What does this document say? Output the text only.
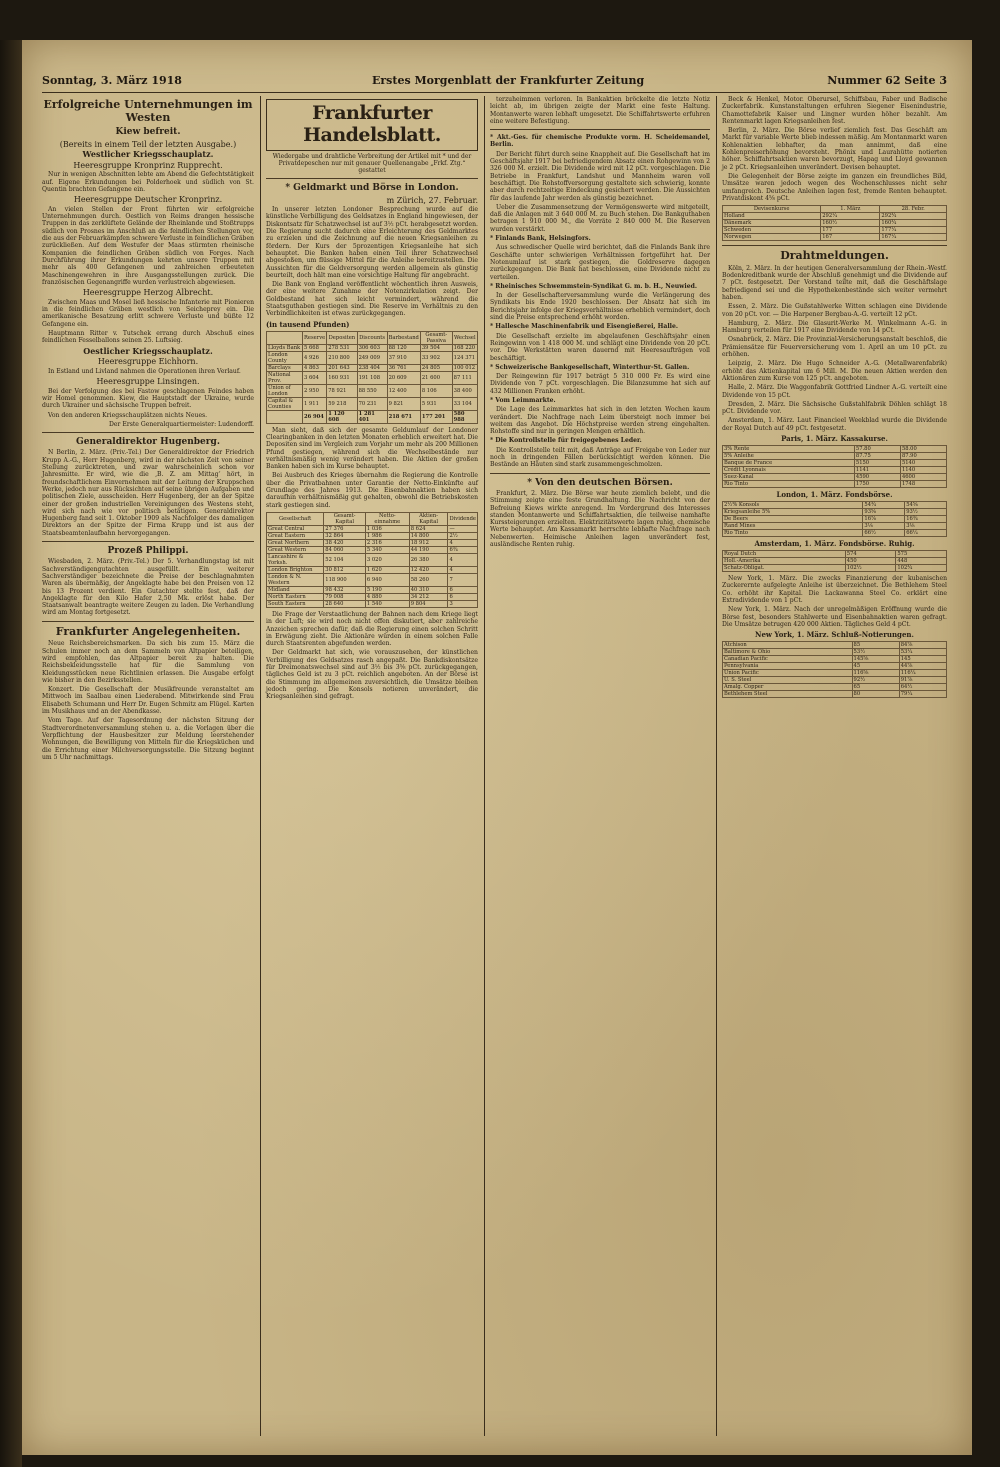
Sonntag, 3. März 1918	Erstes Morgenblatt der Frankfurter Zeitung	Nummer 62 Seite 3
Erfolgreiche Unternehmungen im Westen
Kiew befreit.
(Bereits in einem Teil der letzten Ausgabe.)
Westlicher Kriegsschauplatz.
Heeresgruppe Kronprinz Rupprecht.

Nur in wenigen Abschnitten lebte am Abend die Gefechtstätigkeit auf. Eigene Erkundungen bei Polderhoek und südlich von St. Quentin brachten Gefangene ein.

Heeresgruppe Deutscher Kronprinz.

An vielen Stellen der Front führten wir erfolgreiche Unternehmungen durch. Oestlich von Reims drangen hessische Truppen in das zerklüftete Gelände der Rheinlande und Stoßtrupps südlich von Prosnes im Anschluß an die feindlichen Stellungen vor, die aus der Februarkämpfen schwere Verluste in feindlichen Gräben zurückließen. Auf dem Westufer der Maas stürmten rheinische Kompanien die feindlichen Gräben südlich von Forges. Nach Durchführung ihrer Erkundungen kehrten unsere Truppen mit mehr als 400 Gefangenen und zahlreichen erbeuteten Maschinengewehren in ihre Ausgangsstellungen zurück. Die französischen Gegenangriffe wurden verlustreich abgewiesen.

Heeresgruppe Herzog Albrecht.

Zwischen Maas und Mosel ließ hessische Infanterie mit Pionieren in die feindlichen Gräben westlich von Seicheprey ein. Die amerikanische Besatzung erlitt schwere Verluste und büßte 12 Gefangene ein.

Hauptmann Ritter v. Tutschek errang durch Abschuß eines feindlichen Fesselballons seinen 25. Luftsieg.

Oestlicher Kriegsschauplatz.
Heeresgruppe Eichhorn.

In Estland und Livland nahmen die Operationen ihren Verlauf.

Heeresgruppe Linsingen.

Bei der Verfolgung des bei Fastow geschlagenen Feindes haben wir Homel genommen. Kiew, die Hauptstadt der Ukraine, wurde durch Ukrainer und sächsische Truppen befreit.

Von den anderen Kriegsschauplätzen nichts Neues.

Der Erste Generalquartiermeister: Ludendorff.

Generaldirektor Hugenberg.

N Berlin, 2. März. (Priv.-Tel.) Der Generaldirektor der Friedrich Krupp A.-G., Herr Hugenberg, wird in der nächsten Zeit von seiner Stellung zurücktreten, und zwar wahrscheinlich schon vor Jahresmitte. Er wird, wie die ‚B. Z. am Mittag‘ hört, in freundschaftlichem Einvernehmen mit der Leitung der Kruppschen Werke, jedoch nur aus Rücksichten auf seine übrigen Aufgaben und politischen Ziele, ausscheiden. Herr Hugenberg, der an der Spitze einer der großen industriellen Vereinigungen des Westens steht, wird sich nach wie vor politisch betätigen. Generaldirektor Hugenberg fand seit 1. Oktober 1909 als Nachfolger des damaligen Direktors an der Spitze der Firma Krupp und ist aus der Staatsbeamtenlaufbahn hervorgegangen.

Prozeß Philippi.

Wiesbaden, 2. März. (Priv.-Tel.) Der 5. Verhandlungstag ist mit Sachverständigengutachten ausgefüllt. Ein weiterer Sachverständiger bezeichnete die Preise der beschlagnahmten Waren als übermäßig, der Angeklagte habe bei den Preisen von 12 bis 13 Prozent verdient. Ein Gutachter stellte fest, daß der Angeklagte für den Kilo Hafer 2,50 Mk. erlöst habe. Der Staatsanwalt beantragte weitere Zeugen zu laden. Die Verhandlung wird am Montag fortgesetzt.

Frankfurter Angelegenheiten.

Neue Reichsbereichsmarken. Da sich bis zum 15. März die Schulen immer noch an dem Sammeln von Altpapier beteiligen, wird empfohlen, das Altpapier bereit zu halten. Die Reichsbekleidungsstelle hat für die Sammlung von Kleidungsstücken neue Richtlinien erlassen. Die Ausgabe erfolgt wie bisher in den Bezirksstellen.

Konzert. Die Gesellschaft der Musikfreunde veranstaltet am Mittwoch im Saalbau einen Liederabend. Mitwirkende sind Frau Elisabeth Schumann und Herr Dr. Eugen Schmitz am Flügel. Karten im Musikhaus und an der Abendkasse.

Vom Tage. Auf der Tagesordnung der nächsten Sitzung der Stadtverordnetenversammlung stehen u. a. die Vorlagen über die Verpflichtung der Hausbesitzer zur Meldung leerstehender Wohnungen, die Bewilligung von Mitteln für die Kriegsküchen und die Errichtung einer Milchversorgungsstelle. Die Sitzung beginnt um 5 Uhr nachmittags.

Frankfurter Handelsblatt.
Wiedergabe und drahtliche Verbreitung der Artikel mit * und der Privatdepeschen nur mit genauer Quellenangabe „Frkf. Ztg.“ gestattet
* Geldmarkt und Börse in London.
m Zürich, 27. Februar.

In unserer letzten Londoner Besprechung wurde auf die künstliche Verbilligung des Geldsatzes in England hingewiesen, der Diskontsatz für Schatzwechsel ist auf 3½ pCt. herabgesetzt worden. Die Regierung sucht dadurch eine Erleichterung des Geldmarktes zu erzielen und die Zeichnung auf die neuen Kriegsanleihen zu fördern. Der Kurs der 5prozentigen Kriegsanleihe hat sich behauptet. Die Banken haben einen Teil ihrer Schatzwechsel abgestoßen, um flüssige Mittel für die Anleihe bereitzustellen. Die Aussichten für die Geldversorgung werden allgemein als günstig beurteilt, doch hält man eine vorsichtige Haltung für angebracht.

Die Bank von England veröffentlicht wöchentlich ihren Ausweis, der eine weitere Zunahme der Notenzirkulation zeigt. Der Goldbestand hat sich leicht vermindert, während die Staatsguthaben gestiegen sind. Die Reserve im Verhältnis zu den Verbindlichkeiten ist etwas zurückgegangen.

(in tausend Pfunden)
	Reserve	Depositen	Discounts	Barbestand	Gesamt-Passiva	Wechsel
Lloyds Bank	5 668	278 531	306 603	88 120	39 504	168 220
London County	4 926	210 800	249 009	37 910	33 902	124 371
Barclays	4 863	201 643	238 404	36 761	24 805	100 012
National Prov.	3 604	160 931	191 108	20 609	21 600	87 111
Union of London	2 950	78 921	88 550	12 400	8 106	38 400
Capital & Counties	1 911	59 218	70 231	9 821	5 931	33 104
	26 904	1 120 608	1 281 401	218 671	177 201	580 988

Man sieht, daß sich der gesamte Geldumlauf der Londoner Clearingbanken in den letzten Monaten erheblich erweitert hat. Die Depositen sind im Vergleich zum Vorjahr um mehr als 200 Millionen Pfund gestiegen, während sich die Wechselbestände nur verhältnismäßig wenig verändert haben. Die Aktien der großen Banken haben sich im Kurse behauptet.

Bei Ausbruch des Krieges übernahm die Regierung die Kontrolle über die Privatbahnen unter Garantie der Netto-Einkünfte auf Grundlage des Jahres 1913. Die Eisenbahnaktien haben sich daraufhin verhältnismäßig gut gehalten, obwohl die Betriebskosten stark gestiegen sind.

Gesellschaft	Gesamt-Kapital	Netto-einnahme	Aktien-Kapital	Dividende
Great Central	27 376	1 036	8 624	—
Great Eastern	32 864	1 986	14 800	2½
Great Northern	38 420	2 316	18 912	4
Great Western	84 060	5 340	44 190	6¾
Lancashire & Yorksh.	52 104	3 020	26 380	4
London Brighton	30 812	1 620	12 420	4
London & N. Western	118 900	6 940	58 260	7
Midland	98 432	5 190	40 310	6
North Eastern	79 008	4 880	34 212	6
South Eastern	28 640	1 540	9 804	3

Die Frage der Verstaatlichung der Bahnen nach dem Kriege liegt in der Luft; sie wird noch nicht offen diskutiert, aber zahlreiche Anzeichen sprechen dafür, daß die Regierung einen solchen Schritt in Erwägung zieht. Die Aktionäre würden in einem solchen Falle durch Staatsrenten abgefunden werden.

Der Geldmarkt hat sich, wie vorauszusehen, der künstlichen Verbilligung des Geldsatzes rasch angepaßt. Die Bankdiskontsätze für Dreimonatswechsel sind auf 3½ bis 3⅝ pCt. zurückgegangen, tägliches Geld ist zu 3 pCt. reichlich angeboten. An der Börse ist die Stimmung im allgemeinen zuversichtlich, die Umsätze bleiben jedoch gering. Die Konsols notieren unverändert, die Kriegsanleihen sind gefragt.

terzuheimmen verloren. In Bankaktien bröckelte die letzte Notiz leicht ab, im übrigen zeigte der Markt eine feste Haltung. Montanwerte waren lebhaft umgesetzt. Die Schiffahrtswerte erfuhren eine weitere Befestigung.

* Akt.-Ges. für chemische Produkte vorm. H. Scheidemandel, Berlin.

Der Bericht führt durch seine Knappheit auf. Die Gesellschaft hat im Geschäftsjahr 1917 bei befriedigendem Absatz einen Rohgewinn von 2 326 000 M. erzielt. Die Dividende wird mit 12 pCt. vorgeschlagen. Die Betriebe in Frankfurt, Landshut und Mannheim waren voll beschäftigt. Die Rohstoffversorgung gestaltete sich schwierig, konnte aber durch rechtzeitige Eindeckung gesichert werden. Die Aussichten für das laufende Jahr werden als günstig bezeichnet.

Ueber die Zusammensetzung der Vermögenswerte wird mitgeteilt, daß die Anlagen mit 3 640 000 M. zu Buch stehen. Die Bankguthaben betragen 1 910 000 M., die Vorräte 2 840 000 M. Die Reserven wurden verstärkt.

* Finlands Bank, Helsingfors.

Aus schwedischer Quelle wird berichtet, daß die Finlands Bank ihre Geschäfte unter schwierigen Verhältnissen fortgeführt hat. Der Notenumlauf ist stark gestiegen, die Goldreserve dagegen zurückgegangen. Die Bank hat beschlossen, eine Dividende nicht zu verteilen.

* Rheinisches Schwemmstein-Syndikat G. m. b. H., Neuwied.

In der Gesellschafterversammlung wurde die Verlängerung des Syndikats bis Ende 1920 beschlossen. Der Absatz hat sich im Berichtsjahr infolge der Kriegsverhältnisse erheblich vermindert, doch sind die Preise entsprechend erhöht worden.

* Hallesche Maschinenfabrik und Eisengießerei, Halle.

Die Gesellschaft erzielte im abgelaufenen Geschäftsjahr einen Reingewinn von 1 418 000 M. und schlägt eine Dividende von 20 pCt. vor. Die Werkstätten waren dauernd mit Heeresaufträgen voll beschäftigt.

* Schweizerische Bankgesellschaft, Winterthur-St. Gallen.

Der Reingewinn für 1917 beträgt 5 310 000 Fr. Es wird eine Dividende von 7 pCt. vorgeschlagen. Die Bilanzsumme hat sich auf 432 Millionen Franken erhöht.

* Vom Leimmarkte.

Die Lage des Leimmarktes hat sich in den letzten Wochen kaum verändert. Die Nachfrage nach Leim übersteigt noch immer bei weitem das Angebot. Die Höchstpreise werden streng eingehalten. Rohstoffe sind nur in geringen Mengen erhältlich.

* Die Kontrollstelle für freigegebenes Leder.

Die Kontrollstelle teilt mit, daß Anträge auf Freigabe von Leder nur noch in dringenden Fällen berücksichtigt werden können. Die Bestände an Häuten sind stark zusammengeschmolzen.

* Von den deutschen Börsen.

Frankfurt, 2. März. Die Börse war heute ziemlich belebt, und die Stimmung zeigte eine feste Grundhaltung. Die Nachricht von der Befreiung Kiews wirkte anregend. Im Vordergrund des Interesses standen Montanwerte und Schiffahrtsaktien, die teilweise namhafte Kurssteigerungen erzielten. Elektrizitätswerte lagen ruhig, chemische Werte behauptet. Am Kassamarkt herrschte lebhafte Nachfrage nach Nebenwerten. Heimische Anleihen lagen unverändert fest, ausländische Renten ruhig.

Beck & Henkel, Motor. Oberursel, Schiffsbau, Faber und Badische Zuckerfabrik. Kunstanstaltungen erfuhren Siegener Eisenindustrie, Chamottefabrik Kaiser und Lingner wurden höher bezahlt. Am Rentenmarkt lagen Kriegsanleihen fest.

Berlin, 2. März. Die Börse verlief ziemlich fest. Das Geschäft am Markt für variable Werte blieb indessen mäßig. Am Montanmarkt waren Kohlenaktien lebhafter, da man annimmt, daß eine Kohlenpreiserhöhung bevorsteht. Phönix und Laurahütte notierten höher. Schiffahrtsaktien waren bevorzugt, Hapag und Lloyd gewannen je 2 pCt. Kriegsanleihen unverändert. Devisen behauptet.

Die Gelegenheit der Börse zeigte im ganzen ein freundliches Bild, Umsätze waren jedoch wegen des Wochenschlusses nicht sehr umfangreich. Deutsche Anleihen lagen fest, fremde Renten behauptet. Privatdiskont 4⅝ pCt.

Devisenkurse	1. März	28. Febr.
Holland	292¼	292¾
Dänemark	160½	160¾
Schweden	177	177¼
Norwegen	167	167¼
Drahtmeldungen.

Köln, 2. März. In der heutigen Generalversammlung der Rhein.-Westf. Bodenkreditbank wurde der Abschluß genehmigt und die Dividende auf 7 pCt. festgesetzt. Der Vorstand teilte mit, daß die Geschäftslage befriedigend sei und die Hypothekenbestände sich weiter vermehrt haben.

Essen, 2. März. Die Gußstahlwerke Witten schlagen eine Dividende von 20 pCt. vor. — Die Harpener Bergbau-A.-G. verteilt 12 pCt.

Hamburg, 2. März. Die Glasurit-Werke M. Winkelmann A.-G. in Hamburg verteilen für 1917 eine Dividende von 14 pCt.

Osnabrück, 2. März. Die Provinzial-Versicherungsanstalt beschloß, die Prämiensätze für Feuerversicherung vom 1. April an um 10 pCt. zu erhöhen.

Leipzig, 2. März. Die Hugo Schneider A.-G. (Metallwarenfabrik) erhöht das Aktienkapital um 6 Mill. M. Die neuen Aktien werden den Aktionären zum Kurse von 125 pCt. angeboten.

Halle, 2. März. Die Waggonfabrik Gottfried Lindner A.-G. verteilt eine Dividende von 15 pCt.

Dresden, 2. März. Die Sächsische Gußstahlfabrik Döhlen schlägt 18 pCt. Dividende vor.

Amsterdam, 1. März. Laut Financieel Weekblad wurde die Dividende der Royal Dutch auf 49 pCt. festgesetzt.

Paris, 1. März. Kassakurse.
3% Rente	57.80	58.00
5% Anleihe	87.75	87.90
Banque de France	5150	5140
Crédit Lyonnais	1141	1140
Suez-Kanal	4590	4600
Rio Tinto	1750	1748
London, 1. März. Fondsbörse.
2½% Konsols	54¾	54⅝
Kriegsanleihe 5%	93⅝	93½
De Beers	16⅞	16¾
Rand Mines	3⅛	3⅛
Rio Tinto	66½	66¼
Amsterdam, 1. März. Fondsbörse. Ruhig.
Royal Dutch	574	575
Holl.-Amerika	450	448
Schatz-Obligat.	102½	102¾

New York, 1. März. Die zwecks Finanzierung der kubanischen Zuckerernte aufgelegte Anleihe ist überzeichnet. Die Bethlehem Steel Co. erhöht ihr Kapital. Die Lackawanna Steel Co. erklärt eine Extradividende von 1 pCt.

New York, 1. März. Nach der unregelmäßigen Eröffnung wurde die Börse fest, besonders Stahlwerte und Eisenbahnaktien waren gefragt. Die Umsätze betrugen 420 000 Aktien. Tägliches Geld 4 pCt.

New York, 1. März. Schluß-Notierungen.
Atchison	85	84⅞
Baltimore & Ohio	53½	53¼
Canadian Pacific	145⅝	145
Pennsylvania	45	44⅞
Union Pacific	116⅝	116¼
U. S. Steel	92½	91⅞
Amalg. Copper	65	64½
Bethlehem Steel	80	79¼
